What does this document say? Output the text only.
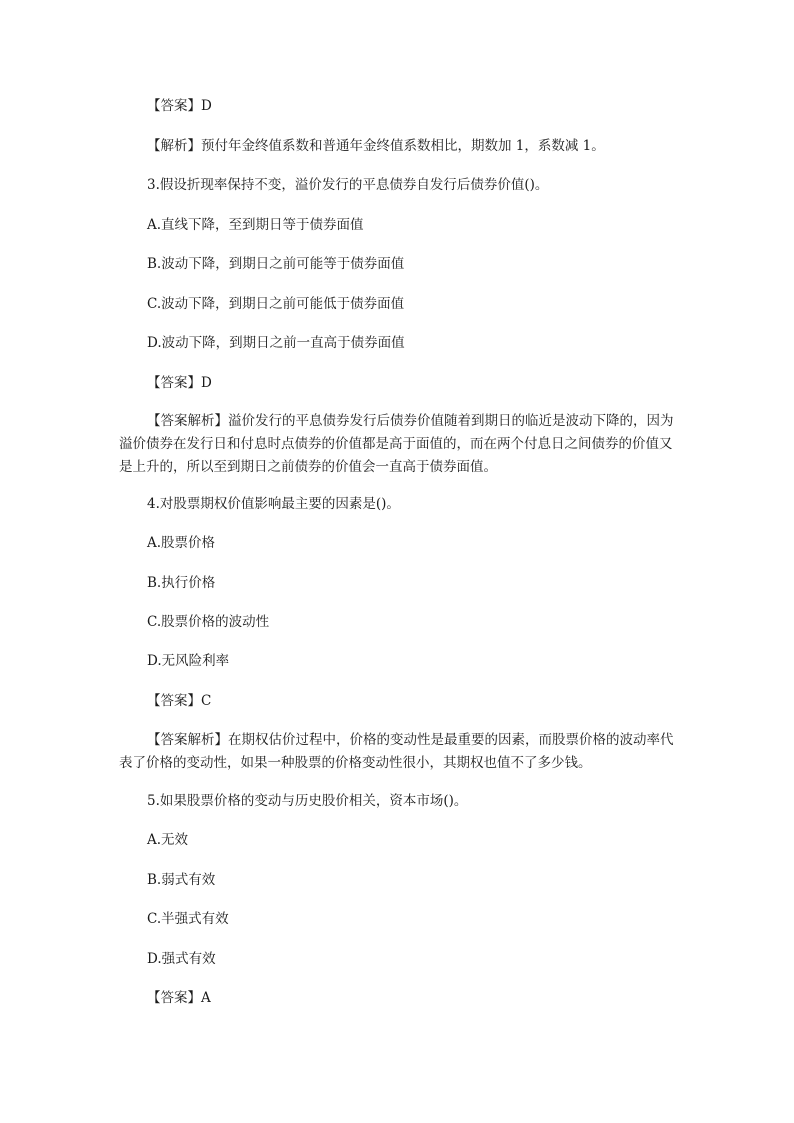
【答案】D
【解析】预付年金终值系数和普通年金终值系数相比，期数加 1，系数减 1。
3.假设折现率保持不变，溢价发行的平息债券自发行后债券价值()。
A.直线下降，至到期日等于债券面值
B.波动下降，到期日之前可能等于债券面值
C.波动下降，到期日之前可能低于债券面值
D.波动下降，到期日之前一直高于债券面值
【答案】D
【答案解析】溢价发行的平息债券发行后债券价值随着到期日的临近是波动下降的，因为溢价债券在发行日和付息时点债券的价值都是高于面值的，而在两个付息日之间债券的价值又是上升的，所以至到期日之前债券的价值会一直高于债券面值。
4.对股票期权价值影响最主要的因素是()。
A.股票价格
B.执行价格
C.股票价格的波动性
D.无风险利率
【答案】C
【答案解析】在期权估价过程中，价格的变动性是最重要的因素，而股票价格的波动率代表了价格的变动性，如果一种股票的价格变动性很小，其期权也值不了多少钱。
5.如果股票价格的变动与历史股价相关，资本市场()。
A.无效
B.弱式有效
C.半强式有效
D.强式有效
【答案】A
